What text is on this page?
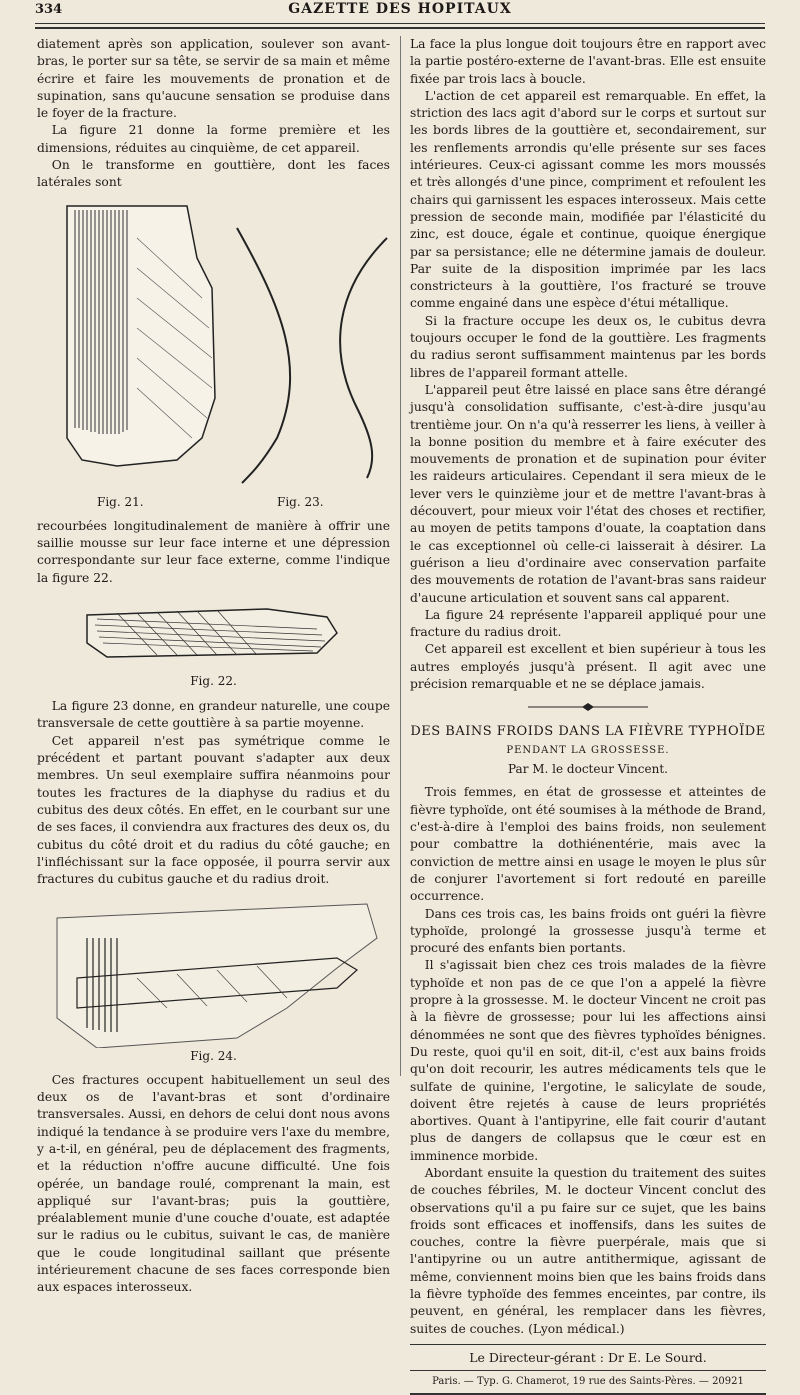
334	GAZETTE DES HOPITAUX

diatement après son application, soulever son avant-bras, le porter sur sa tête, se servir de sa main et même écrire et faire les mouvements de pronation et de supination, sans qu'aucune sensation se produise dans le foyer de la fracture.

La figure 21 donne la forme première et les dimensions, réduites au cinquième, de cet appareil.

On le transforme en gouttière, dont les faces latérales sont

Fig. 21.	Fig. 23.

recourbées longitudinalement de manière à offrir une saillie mousse sur leur face interne et une dépression correspondante sur leur face externe, comme l'indique la figure 22.

Fig. 22.

La figure 23 donne, en grandeur naturelle, une coupe transversale de cette gouttière à sa partie moyenne.

Cet appareil n'est pas symétrique comme le précédent et partant pouvant s'adapter aux deux membres. Un seul exemplaire suffira néanmoins pour toutes les fractures de la diaphyse du radius et du cubitus des deux côtés. En effet, en le courbant sur une de ses faces, il conviendra aux fractures des deux os, du cubitus du côté droit et du radius du côté gauche; en l'infléchissant sur la face opposée, il pourra servir aux fractures du cubitus gauche et du radius droit.

Fig. 24.

Ces fractures occupent habituellement un seul des deux os de l'avant-bras et sont d'ordinaire transversales. Aussi, en dehors de celui dont nous avons indiqué la tendance à se produire vers l'axe du membre, y a-t-il, en général, peu de déplacement des fragments, et la réduction n'offre aucune difficulté. Une fois opérée, un bandage roulé, comprenant la main, est appliqué sur l'avant-bras; puis la gouttière, préalablement munie d'une couche d'ouate, est adaptée sur le radius ou le cubitus, suivant le cas, de manière que le coude longitudinal saillant que présente intérieurement chacune de ses faces corresponde bien aux espaces interosseux.

La face la plus longue doit toujours être en rapport avec la partie postéro-externe de l'avant-bras. Elle est ensuite fixée par trois lacs à boucle.

L'action de cet appareil est remarquable. En effet, la striction des lacs agit d'abord sur le corps et surtout sur les bords libres de la gouttière et, secondairement, sur les renflements arrondis qu'elle présente sur ses faces intérieures. Ceux-ci agissant comme les mors moussés et très allongés d'une pince, compriment et refoulent les chairs qui garnissent les espaces interosseux. Mais cette pression de seconde main, modifiée par l'élasticité du zinc, est douce, égale et continue, quoique énergique par sa persistance; elle ne détermine jamais de douleur. Par suite de la disposition imprimée par les lacs constricteurs à la gouttière, l'os fracturé se trouve comme engainé dans une espèce d'étui métallique.

Si la fracture occupe les deux os, le cubitus devra toujours occuper le fond de la gouttière. Les fragments du radius seront suffisamment maintenus par les bords libres de l'appareil formant attelle.

L'appareil peut être laissé en place sans être dérangé jusqu'à consolidation suffisante, c'est-à-dire jusqu'au trentième jour. On n'a qu'à resserrer les liens, à veiller à la bonne position du membre et à faire exécuter des mouvements de pronation et de supination pour éviter les raideurs articulaires. Cependant il sera mieux de le lever vers le quinzième jour et de mettre l'avant-bras à découvert, pour mieux voir l'état des choses et rectifier, au moyen de petits tampons d'ouate, la coaptation dans le cas exceptionnel où celle-ci laisserait à désirer. La guérison a lieu d'ordinaire avec conservation parfaite des mouvements de rotation de l'avant-bras sans raideur d'aucune articulation et souvent sans cal apparent.

La figure 24 représente l'appareil appliqué pour une fracture du radius droit.

Cet appareil est excellent et bien supérieur à tous les autres employés jusqu'à présent. Il agit avec une précision remarquable et ne se déplace jamais.

DES BAINS FROIDS DANS LA FIÈVRE TYPHOÏDE
PENDANT LA GROSSESSE.
Par M. le docteur Vincent.

Trois femmes, en état de grossesse et atteintes de fièvre typhoïde, ont été soumises à la méthode de Brand, c'est-à-dire à l'emploi des bains froids, non seulement pour combattre la dothiénentérie, mais avec la conviction de mettre ainsi en usage le moyen le plus sûr de conjurer l'avortement si fort redouté en pareille occurrence.

Dans ces trois cas, les bains froids ont guéri la fièvre typhoïde, prolongé la grossesse jusqu'à terme et procuré des enfants bien portants.

Il s'agissait bien chez ces trois malades de la fièvre typhoïde et non pas de ce que l'on a appelé la fièvre propre à la grossesse. M. le docteur Vincent ne croit pas à la fièvre de grossesse; pour lui les affections ainsi dénommées ne sont que des fièvres typhoïdes bénignes. Du reste, quoi qu'il en soit, dit-il, c'est aux bains froids qu'on doit recourir, les autres médicaments tels que le sulfate de quinine, l'ergotine, le salicylate de soude, doivent être rejetés à cause de leurs propriétés abortives. Quant à l'antipyrine, elle fait courir d'autant plus de dangers de collapsus que le cœur est en imminence morbide.

Abordant ensuite la question du traitement des suites de couches fébriles, M. le docteur Vincent conclut des observations qu'il a pu faire sur ce sujet, que les bains froids sont efficaces et inoffensifs, dans les suites de couches, contre la fièvre puerpérale, mais que si l'antipyrine ou un autre antithermique, agissant de même, conviennent moins bien que les bains froids dans la fièvre typhoïde des femmes enceintes, par contre, ils peuvent, en général, les remplacer dans les fièvres, suites de couches. (Lyon médical.)

Le Directeur-gérant : Dr E. Le Sourd.
Paris. — Typ. G. Chamerot, 19 rue des Saints-Pères. — 20921
